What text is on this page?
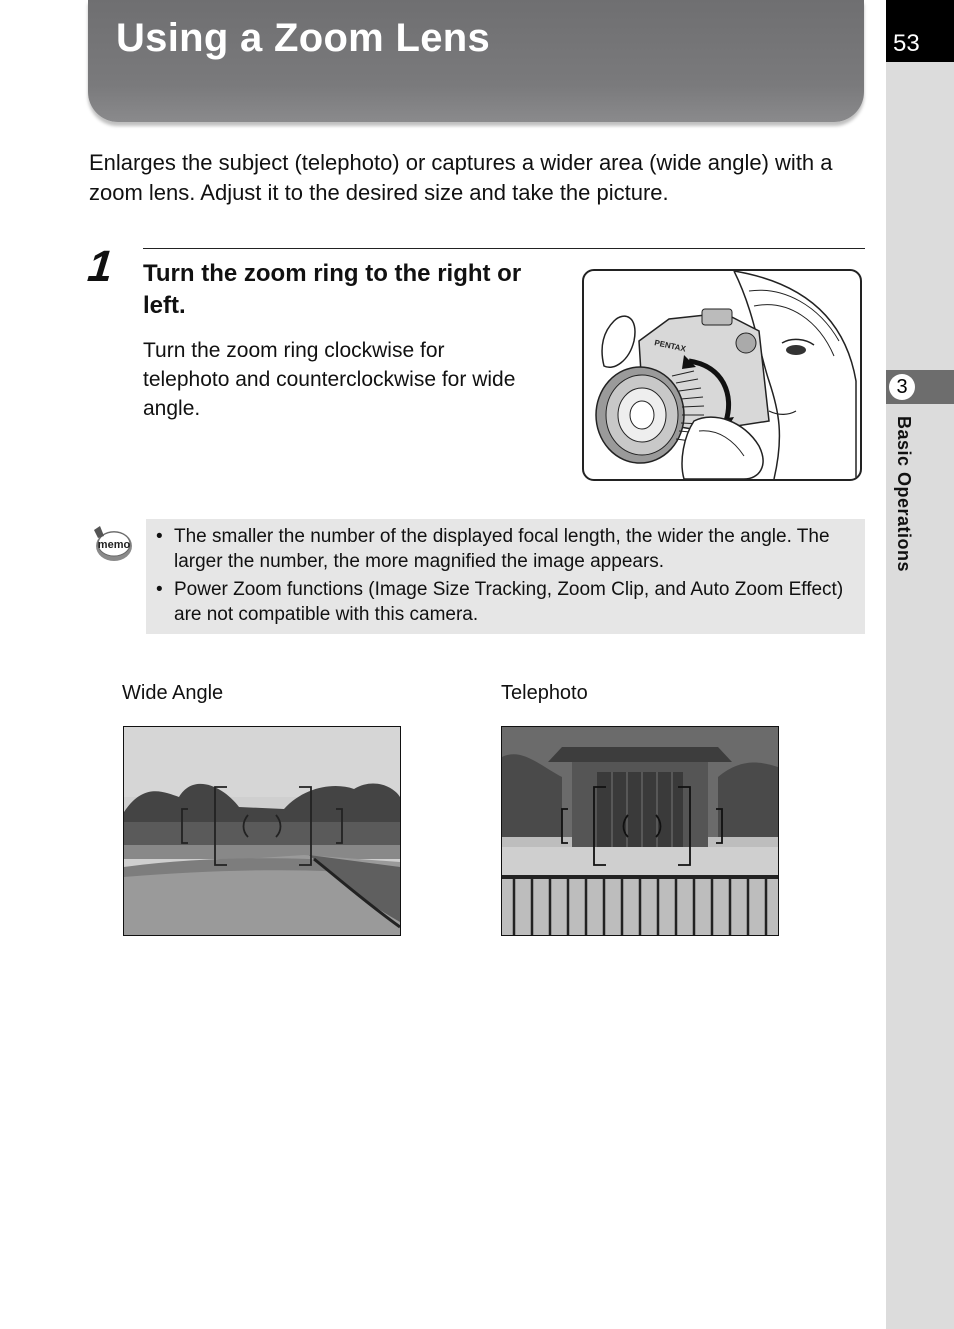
Using a Zoom Lens	53
3
Basic Operations

Enlarges the subject (telephoto) or captures a wider area (wide angle) with a zoom lens. Adjust it to the desired size and take the picture.

1 Turn the zoom ring to the right or left.

Turn the zoom ring clockwise for telephoto and counterclockwise for wide angle.

PENTAX
memo
•	The smaller the number of the displayed focal length, the wider the angle. The larger the number, the more magnified the image appears.
• Power Zoom functions (Image Size Tracking, Zoom Clip, and Auto Zoom Effect) are not compatible with this camera.
Wide Angle	Telephoto
